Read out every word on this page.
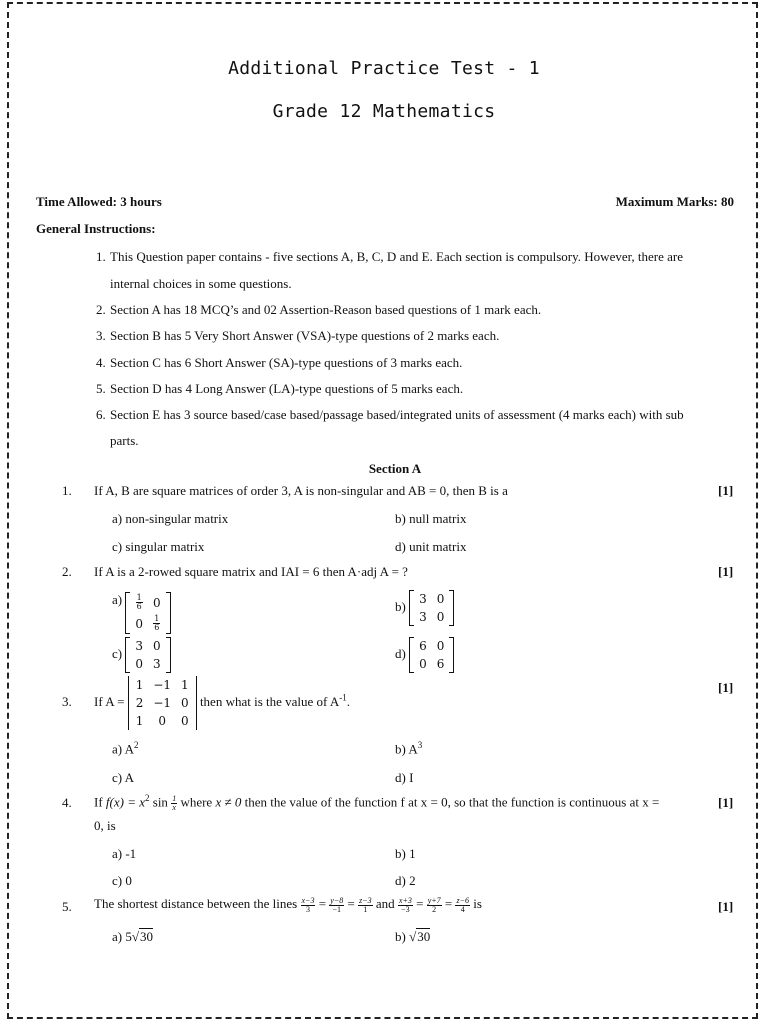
Additional Practice Test - 1
Grade 12 Mathematics
Time Allowed: 3 hours	Maximum Marks: 80
General Instructions:
1. This Question paper contains - five sections A, B, C, D and E. Each section is compulsory. However, there are
internal choices in some questions.
2. Section A has 18 MCQ’s and 02 Assertion-Reason based questions of 1 mark each.
3. Section B has 5 Very Short Answer (VSA)-type questions of 2 marks each.
4. Section C has 6 Short Answer (SA)-type questions of 3 marks each.
5. Section D has 4 Long Answer (LA)-type questions of 5 marks each.
6. Section E has 3 source based/case based/passage based/integrated units of assessment (4 marks each) with sub
parts.
Section A
1. If A, B are square matrices of order 3, A is non-singular and AB = 0, then B is a	[1]
a) non-singular matrix	b) null matrix
c) singular matrix	d) unit matrix
2. If A is a 2-rowed square matrix and IAI = 6 then A·adj A = ?	[1]
$a) \frac{1}{6}$	0
0	$\frac{1}{6}$
b) 3	0
3	0
c) 3	0
0	3
d) 6	0
0	6
3. If A =
1	−1	1
2	−1	0
1	0	0
then what is the value of $A^{-1}$.
[1]
a) $A^2$	b) $A^3$
c) A	d) I
4. If $f(x) = x^2$ $\sin \frac{1}{x}$ where x ≠ 0 then the value of the function f at x = 0, so that the function is continuous at x =
0, is
[1]
a) -1	b) 1
c) 0	d) 2
5. The shortest distance between the lines $\frac{x-3}{3} = \frac{y-8}{-1} = \frac{z-3}{1}$ and $\frac{x+3}{-3} = \frac{y+7}{2} = \frac{z-6}{4}$ is	[1]
a) 5√30	b) √30
